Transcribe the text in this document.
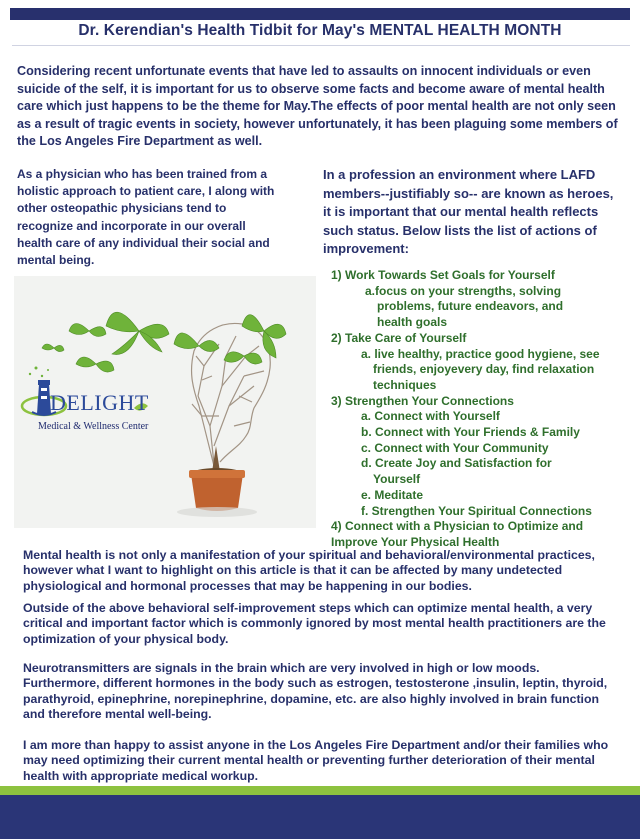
Dr. Kerendian's Health Tidbit for May's MENTAL HEALTH MONTH
Considering recent unfortunate events that have led to assaults on innocent individuals or even suicide of the self, it is important for us to observe some facts and become aware of mental health care which just happens to be the theme for May.The effects of poor mental health are not only seen as a result of tragic events in society, however unfortunately, it has been plaguing some members of the Los Angeles Fire Department as well.
As a physician who has been trained from a holistic approach to patient care, I along with other osteopathic physicians tend to recognize and incorporate in our overall health care of any individual their social and mental being.
In a profession an environment where LAFD members--justifiably so-- are known as heroes, it is important that our mental health reflects such status. Below lists the list of actions of improvement:
1) Work Towards Set Goals for Yourself
a.focus on your strengths, solving problems, future endeavors, and health goals
2) Take Care of Yourself
a. live healthy, practice good hygiene, see friends, enjoyevery day, find relaxation techniques
3) Strengthen Your Connections
a. Connect with Yourself
b. Connect with Your Friends & Family
c. Connect with Your Community
d. Create Joy and Satisfaction for Yourself
e. Meditate
f. Strengthen Your Spiritual Connections
4) Connect with a Physician to Optimize and Improve Your Physical Health
DELIGHT
Medical & Wellness Center
Mental health is not only a manifestation of your spiritual and behavioral/environmental practices, however what I want to highlight on this article is that it can be affected by many undetected physiological and hormonal processes that may be happening in our bodies.
Outside of the above behavioral self-improvement steps which can optimize mental health, a very critical and important factor which is commonly ignored by most mental health practitioners are the optimization of your physical body.
Neurotransmitters are signals in the brain which are very involved in high or low moods. Furthermore, different hormones in the body such as estrogen, testosterone ,insulin, leptin, thyroid, parathyroid, epinephrine, norepinephrine, dopamine, etc. are also highly involved in brain function and therefore mental well-being.
I am more than happy to assist anyone in the Los Angeles Fire Department and/or their families who may need optimizing their current mental health or preventing further deterioration of their mental health with appropriate medical workup.
